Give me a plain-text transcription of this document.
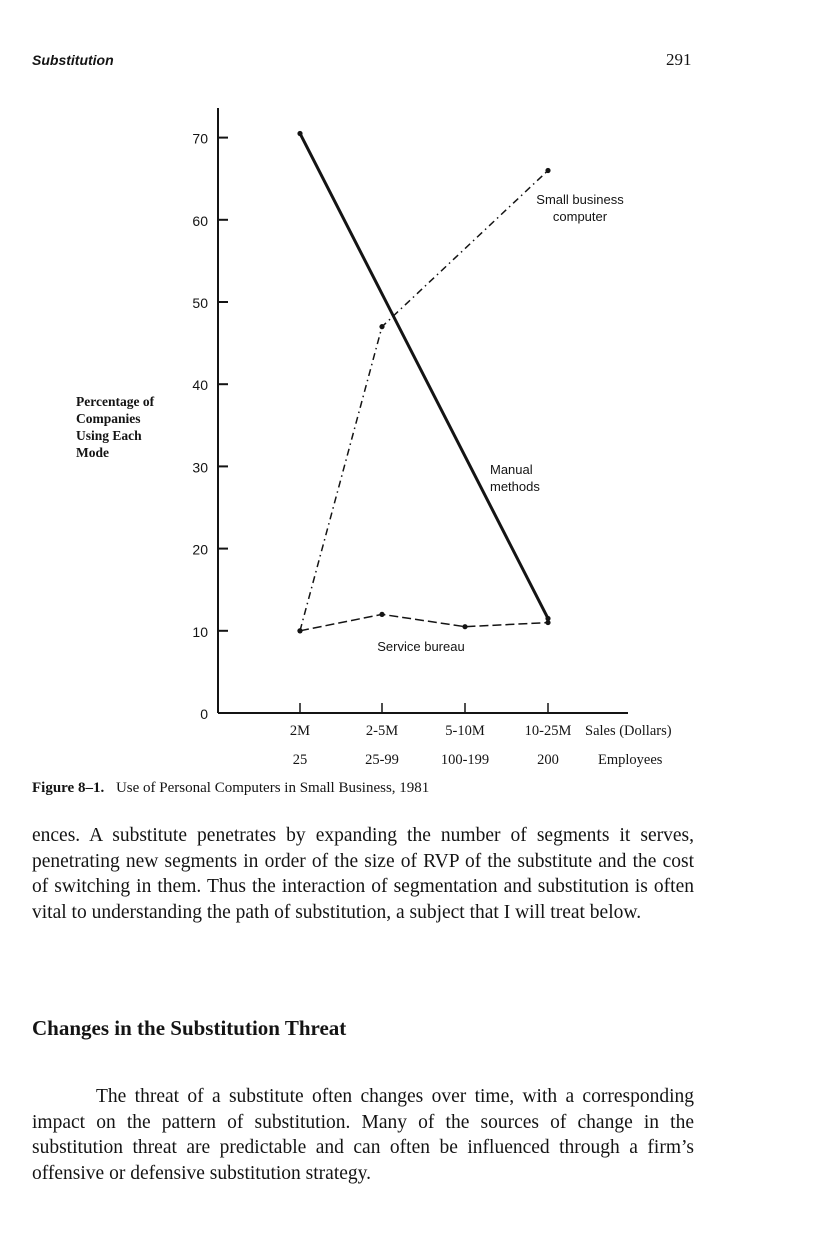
Substitution	291
Percentage of
Companies
Using Each
Mode
0
10
20
30
40
50
60
70
2M
25
2-5M
25-99
5-10M
100-199
10-25M
200
Sales (Dollars)
Employees
Manual
methods
Small business
computer
Service bureau
Figure 8–1. Use of Personal Computers in Small Business, 1981

ences. A substitute penetrates by expanding the number of segments it serves, penetrating new segments in order of the size of RVP of the substitute and the cost of switching in them. Thus the interaction of segmentation and substitution is often vital to understanding the path of substitution, a subject that I will treat below.

Changes in the Substitution Threat

The threat of a substitute often changes over time, with a corresponding impact on the pattern of substitution. Many of the sources of change in the substitution threat are predictable and can often be influenced through a firm’s offensive or defensive substitution strategy.
